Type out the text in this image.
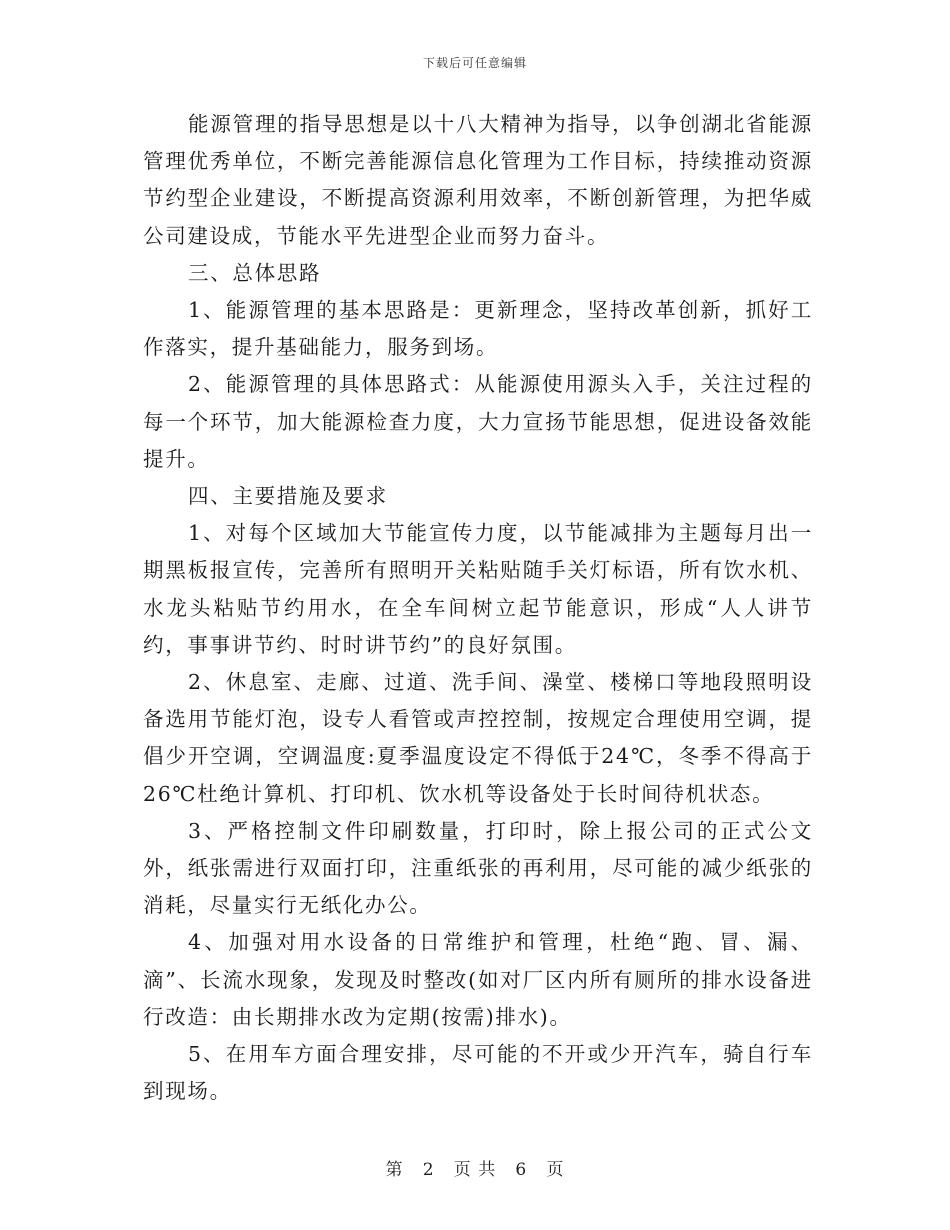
下载后可任意编辑

能源管理的指导思想是以十八大精神为指导，以争创湖北省能源管理优秀单位，不断完善能源信息化管理为工作目标，持续推动资源节约型企业建设，不断提高资源利用效率，不断创新管理，为把华威公司建设成，节能水平先进型企业而努力奋斗。

三、总体思路

1、能源管理的基本思路是：更新理念，坚持改革创新，抓好工作落实，提升基础能力，服务到场。

2、能源管理的具体思路式：从能源使用源头入手，关注过程的每一个环节，加大能源检查力度，大力宣扬节能思想，促进设备效能提升。

四、主要措施及要求

1、对每个区域加大节能宣传力度，以节能减排为主题每月出一期黑板报宣传，完善所有照明开关粘贴随手关灯标语，所有饮水机、水龙头粘贴节约用水，在全车间树立起节能意识，形成“人人讲节约，事事讲节约、时时讲节约”的良好氛围。

2、休息室、走廊、过道、洗手间、澡堂、楼梯口等地段照明设备选用节能灯泡，设专人看管或声控控制，按规定合理使用空调，提倡少开空调，空调温度:夏季温度设定不得低于24℃，冬季不得高于26℃杜绝计算机、打印机、饮水机等设备处于长时间待机状态。

3、严格控制文件印刷数量，打印时，除上报公司的正式公文外，纸张需进行双面打印，注重纸张的再利用，尽可能的减少纸张的消耗，尽量实行无纸化办公。

4、加强对用水设备的日常维护和管理，杜绝“跑、冒、漏、滴”、长流水现象，发现及时整改(如对厂区内所有厕所的排水设备进行改造：由长期排水改为定期(按需)排水)。

5、在用车方面合理安排，尽可能的不开或少开汽车，骑自行车到现场。

第 2 页 共 6 页
